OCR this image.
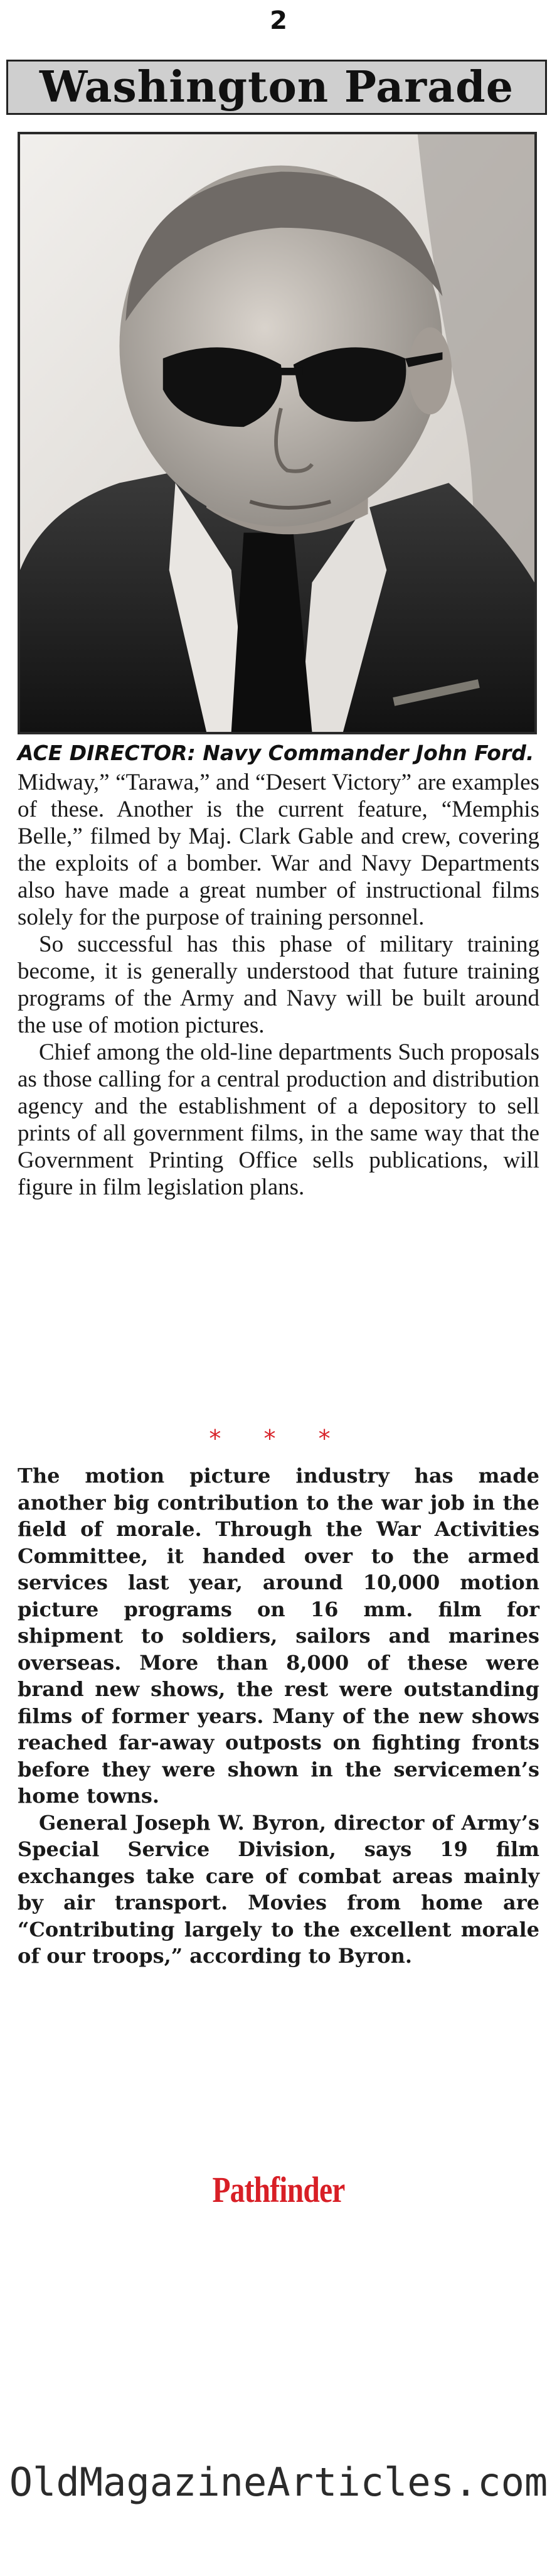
2
Washington Parade
ACE DIRECTOR: Navy Commander John Ford.

Midway,” “Tarawa,” and “Desert Victory” are examples of these. Another is the current feature, “Memphis Belle,” filmed by Maj. Clark Gable and crew, covering the exploits of a bomber. War and Navy Departments also have made a great number of instructional films solely for the purpose of training personnel.

So successful has this phase of military training become, it is generally understood that future training programs of the Army and Navy will be built around the use of motion pictures.

Chief among the old-line departments Such proposals as those calling for a central production and distribution agency and the establishment of a depository to sell prints of all government films, in the same way that the Government Printing Office sells publications, will figure in film legislation plans.

* * *

The motion picture industry has made another big contribution to the war job in the field of morale. Through the War Activities Committee, it handed over to the armed services last year, around 10,000 motion picture programs on 16 mm. film for shipment to soldiers, sailors and marines overseas. More than 8,000 of these were brand new shows, the rest were outstanding films of former years. Many of the new shows reached far-away outposts on fighting fronts before they were shown in the servicemen’s home towns.

General Joseph W. Byron, director of Army’s Special Service Division, says 19 film exchanges take care of combat areas mainly by air transport. Movies from home are “Contributing largely to the excellent morale of our troops,” according to Byron.

Pathfinder
OldMagazineArticles.com
